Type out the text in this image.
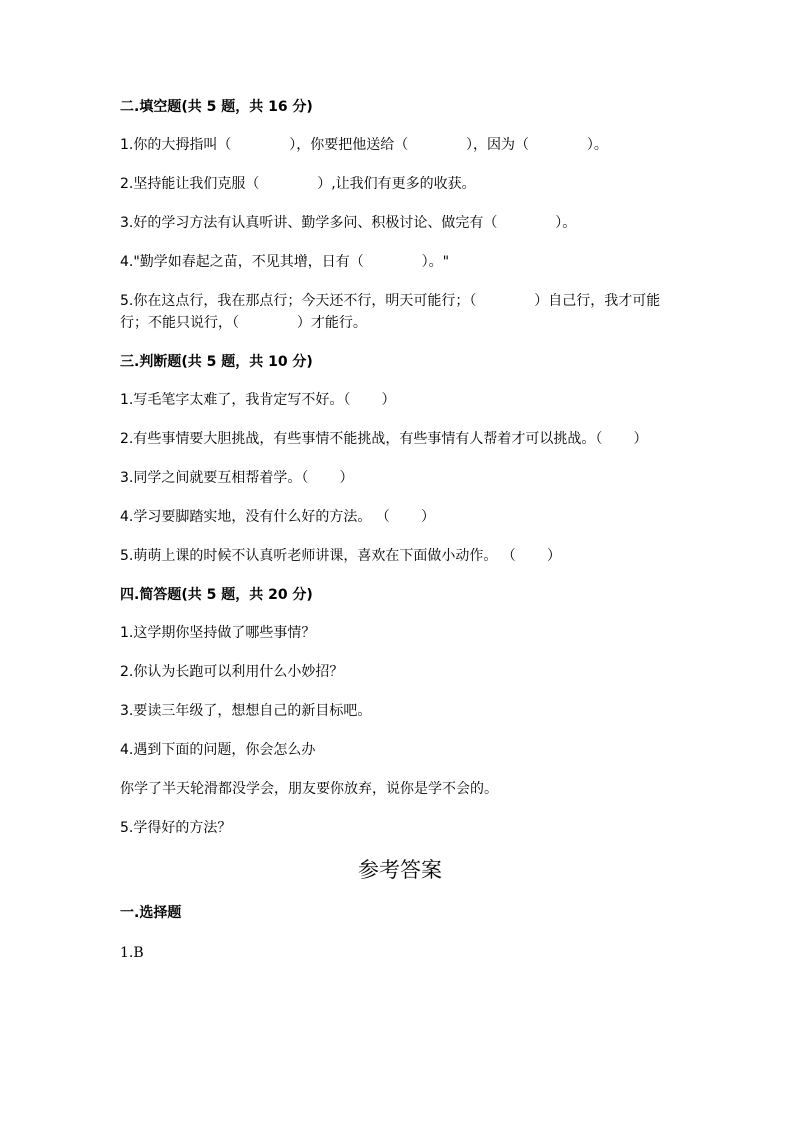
二.填空题(共 5 题，共 16 分)
1.你的大拇指叫（             ），你要把他送给（             ），因为（             ）。
2.坚持能让我们克服（             ）,让我们有更多的收获。
3.好的学习方法有认真听讲、勤学多问、积极讨论、做完有（             ）。
4."勤学如春起之苗，不见其增，日有（             ）。"
5.你在这点行，我在那点行；今天还不行，明天可能行；（             ）自己行，我才可能行；不能只说行，（             ）才能行。
三.判断题(共 5 题，共 10 分)
1.写毛笔字太难了，我肯定写不好。（       ）
2.有些事情要大胆挑战，有些事情不能挑战，有些事情有人帮着才可以挑战。（       ）
3.同学之间就要互相帮着学。（       ）
4.学习要脚踏实地，没有什么好的方法。 （       ）
5.萌萌上课的时候不认真听老师讲课，喜欢在下面做小动作。 （       ）
四.简答题(共 5 题，共 20 分)
1.这学期你坚持做了哪些事情？
2.你认为长跑可以利用什么小妙招？
3.要读三年级了，想想自己的新目标吧。
4.遇到下面的问题，你会怎么办
你学了半天轮滑都没学会，朋友要你放弃，说你是学不会的。
5.学得好的方法？
参考答案
一.选择题
1.B
